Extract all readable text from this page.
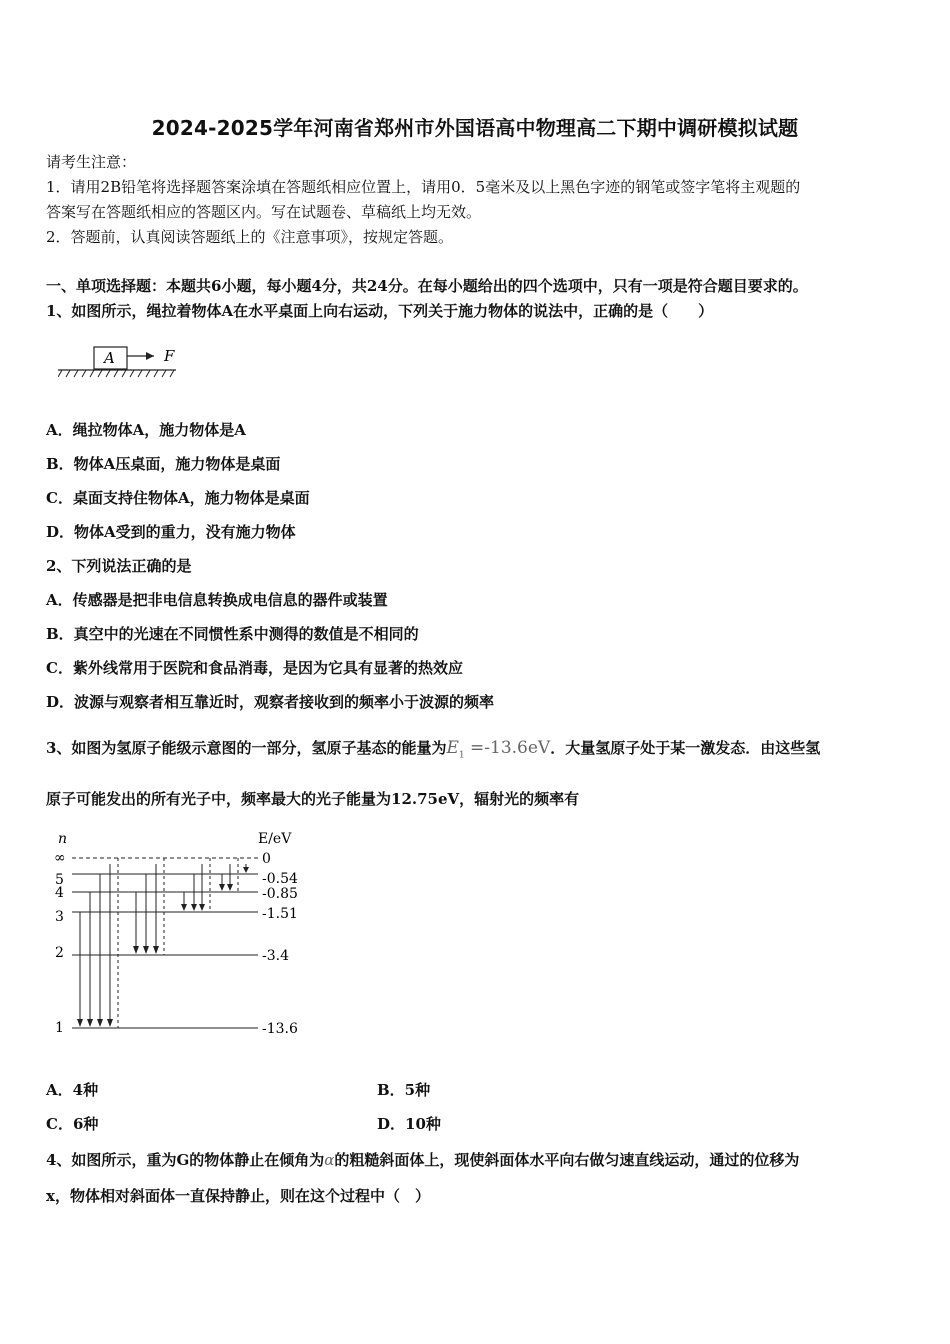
2024-2025学年河南省郑州市外国语高中物理高二下期中调研模拟试题
请考生注意：
1．请用2B铅笔将选择题答案涂填在答题纸相应位置上，请用0．5毫米及以上黑色字迹的钢笔或签字笔将主观题的
答案写在答题纸相应的答题区内。写在试题卷、草稿纸上均无效。
2．答题前，认真阅读答题纸上的《注意事项》，按规定答题。
一、单项选择题：本题共6小题，每小题4分，共24分。在每小题给出的四个选项中，只有一项是符合题目要求的。
1、如图所示，绳拉着物体A在水平桌面上向右运动，下列关于施力物体的说法中，正确的是（　　）
A	F
A．绳拉物体A，施力物体是A
B．物体A压桌面，施力物体是桌面
C．桌面支持住物体A，施力物体是桌面
D．物体A受到的重力，没有施力物体
2、下列说法正确的是
A．传感器是把非电信息转换成电信息的器件或装置
B．真空中的光速在不同惯性系中测得的数值是不相同的
C．紫外线常用于医院和食品消毒，是因为它具有显著的热效应
D．波源与观察者相互靠近时，观察者接收到的频率小于波源的频率
3、如图为氢原子能级示意图的一部分，氢原子基态的能量为$E_1 =-13.6eV$．大量氢原子处于某一激发态．由这些氢
原子可能发出的所有光子中，频率最大的光子能量为12.75eV，辐射光的频率有
n	E/eV
∞
5
4
3
2
1
0
-0.54
-0.85
-1.51
-3.4
-13.6
A．4种	B．5种
C．6种	D．10种
4、如图所示，重为G的物体静止在倾角为α的粗糙斜面体上，现使斜面体水平向右做匀速直线运动，通过的位移为
x，物体相对斜面体一直保持静止，则在这个过程中（　）
